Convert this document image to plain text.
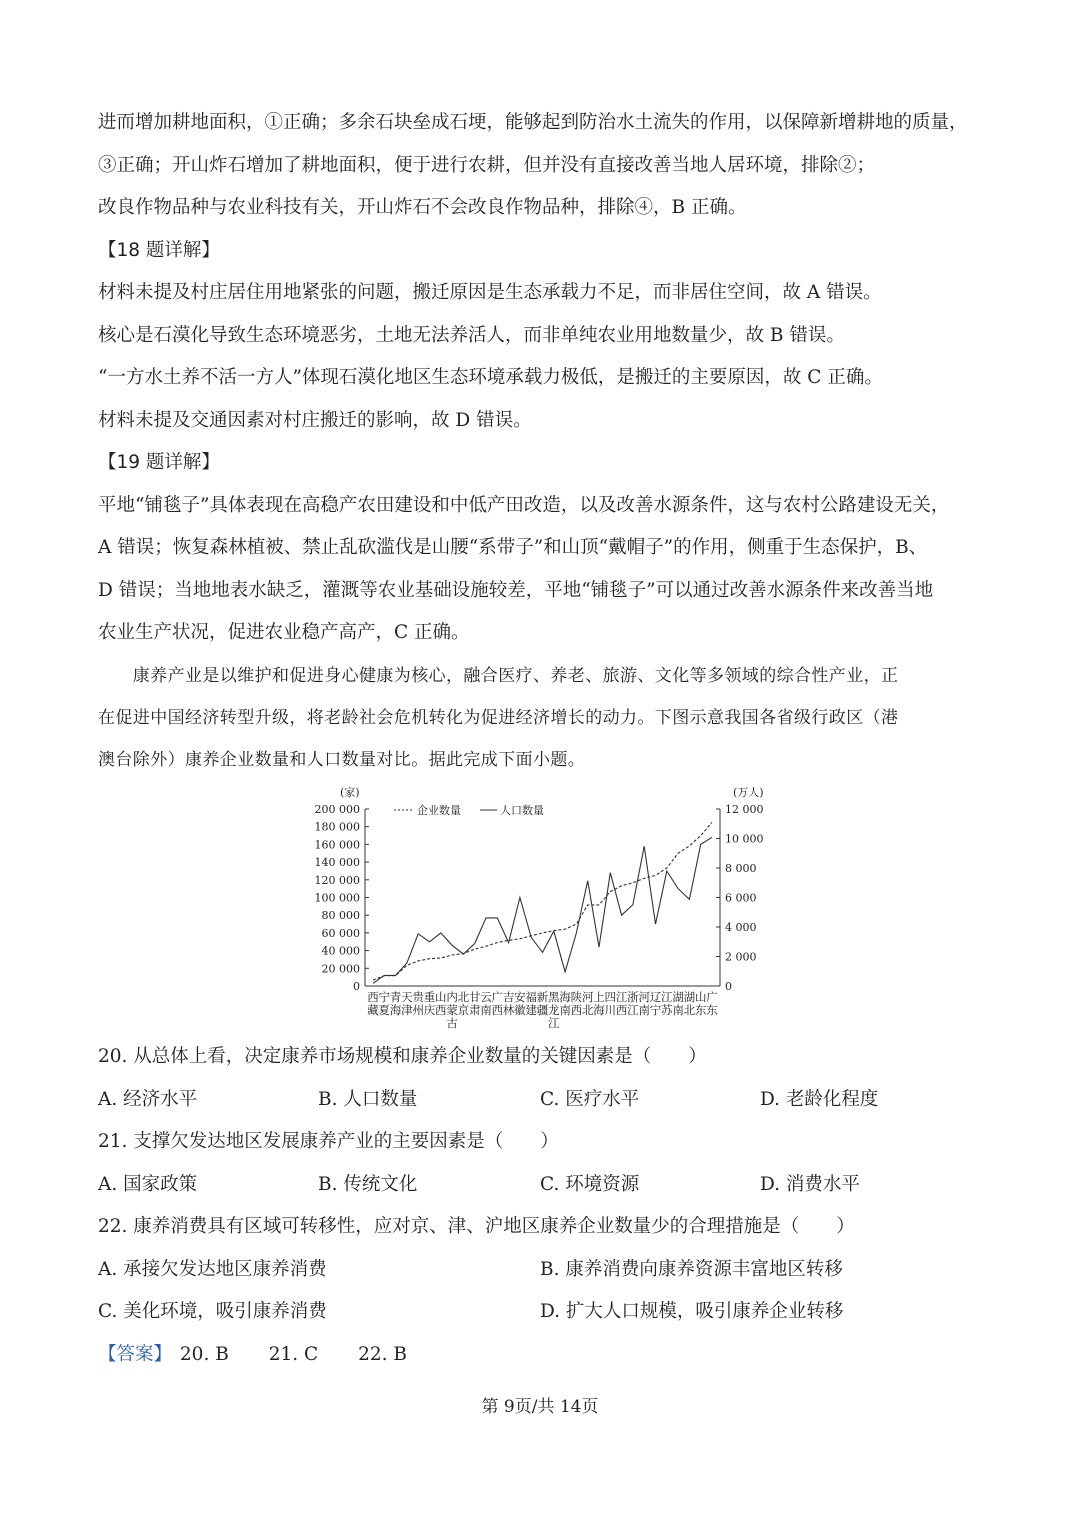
进而增加耕地面积，①正确；多余石块垒成石埂，能够起到防治水土流失的作用，以保障新增耕地的质量，
③正确；开山炸石增加了耕地面积，便于进行农耕，但并没有直接改善当地人居环境，排除②；
改良作物品种与农业科技有关，开山炸石不会改良作物品种，排除④，B 正确。
【18 题详解】
材料未提及村庄居住用地紧张的问题，搬迁原因是生态承载力不足，而非居住空间，故 A 错误。
核心是石漠化导致生态环境恶劣，土地无法养活人，而非单纯农业用地数量少，故 B 错误。
“一方水土养不活一方人”体现石漠化地区生态环境承载力极低，是搬迁的主要原因，故 C 正确。
材料未提及交通因素对村庄搬迁的影响，故 D 错误。
【19 题详解】
平地“铺毯子”具体表现在高稳产农田建设和中低产田改造，以及改善水源条件，这与农村公路建设无关，
A 错误；恢复森林植被、禁止乱砍滥伐是山腰“系带子”和山顶“戴帽子”的作用，侧重于生态保护，B、
D 错误；当地地表水缺乏，灌溉等农业基础设施较差，平地“铺毯子”可以通过改善水源条件来改善当地
农业生产状况，促进农业稳产高产，C 正确。
　　康养产业是以维护和促进身心健康为核心，融合医疗、养老、旅游、文化等多领域的综合性产业，正
在促进中国经济转型升级，将老龄社会危机转化为促进经济增长的动力。下图示意我国各省级行政区（港
澳台除外）康养企业数量和人口数量对比。据此完成下面小题。
200 000
180 000
160 000
140 000
120 000
100 000
80 000
60 000
40 000
20 000
0
12 000
10 000
8 000
6 000
4 000
2 000
0
(家)	(万人)
企业数量	人口数量
西
藏
宁
夏
青
海
天
津
贵
州
重
庆
山
西
内
蒙
古
北
京
甘
肃
云
南
广
西
吉
林
安
徽
福
建
新
疆
黑
龙
江
海
南
陕
西
河
北
上
海
四
川
江
西
浙
江
河
南
辽
宁
江
苏
湖
南
湖
北
山
东
广
东
20. 从总体上看，决定康养市场规模和康养企业数量的关键因素是（　　）
A. 经济水平	B. 人口数量	C. 医疗水平	D. 老龄化程度
21. 支撑欠发达地区发展康养产业的主要因素是（　　）
A. 国家政策	B. 传统文化	C. 环境资源	D. 消费水平
22. 康养消费具有区域可转移性，应对京、津、沪地区康养企业数量少的合理措施是（　　）
A. 承接欠发达地区康养消费	B. 康养消费向康养资源丰富地区转移
C. 美化环境，吸引康养消费	D. 扩大人口规模，吸引康养企业转移
【答案】 20. B 21. C 22. B
第 9页/共 14页
